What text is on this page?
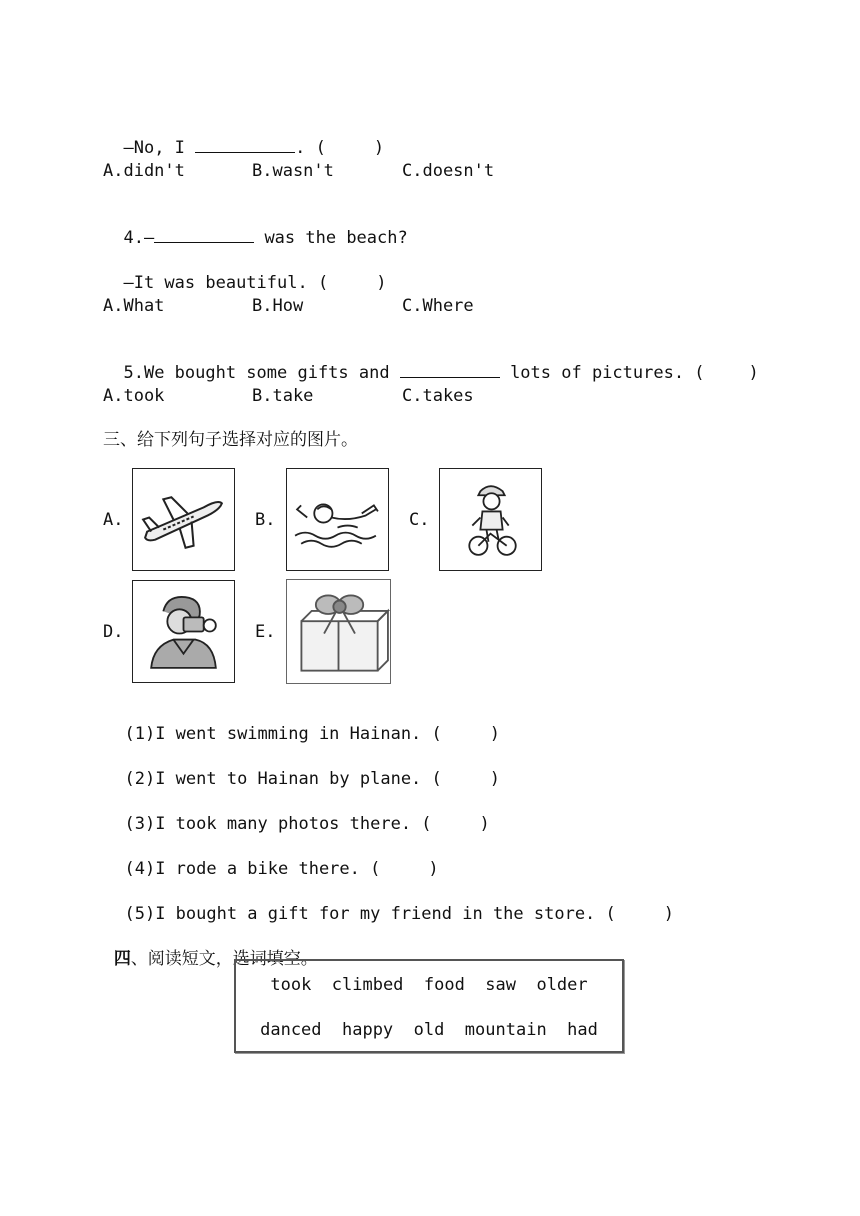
—No, I	. (	)

A.didn't	B.wasn't	C.doesn't

4.—	was the beach?

—It was beautiful. (	)

A.What	B.How	C.Where

5.We bought some gifts and	lots of pictures. (	)

A.took	B.take	C.takes
三、给下列句子选择对应的图片。
A.	B.	C.
D.	E.

(1)I went swimming in Hainan. (	)

(2)I went to Hainan by plane. (	)

(3)I took many photos there. (	)

(4)I rode a bike there. (	)

(5)I bought a gift for my friend in the store. (	)

四、阅读短文，选词填空。

took  climbed  food  saw  older
danced  happy  old  mountain  had
